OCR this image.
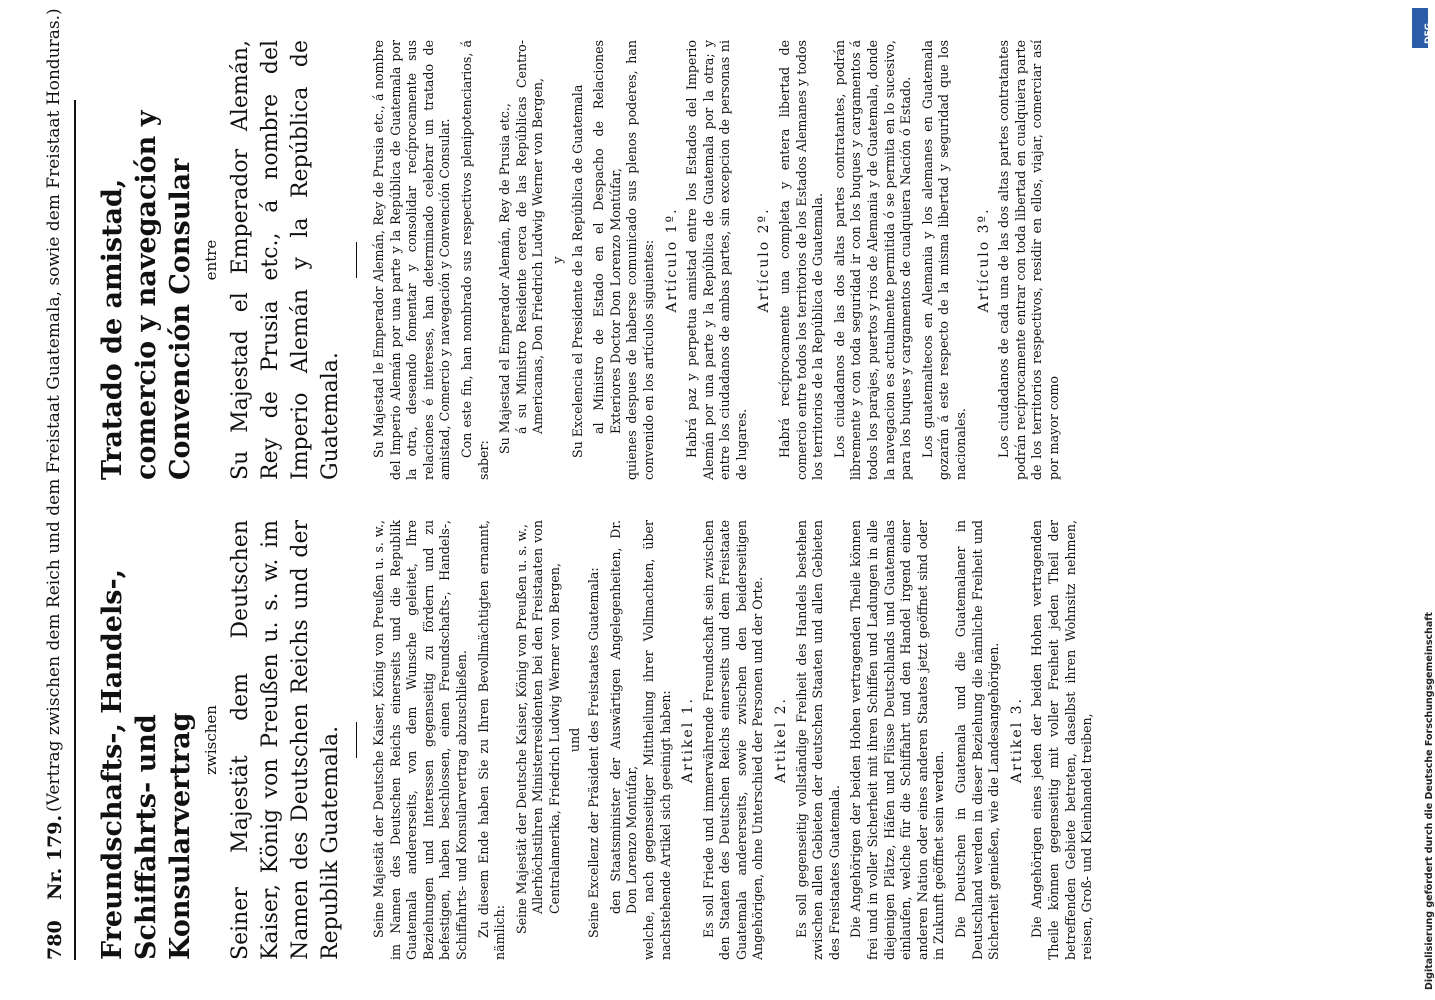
780
Nr. 179.
(Vertrag zwischen dem Reich und dem Freistaat Guatemala, sowie dem Freistaat Honduras.) Freundschafts-, Handels-, Schiffahrts- und Konsularvertrag zwischen Seiner Majestät dem Deutschen Kaiser, König von Preußen u. s. w. im Namen des Deutschen Reichs und der Republik Guatemala. Seine Majestät der Deutsche Kaiser, König von Preußen u. s. w., im Namen des Deutschen Reichs einerseits und die Republik Guatemala andererseits, von dem Wunsche geleitet, Ihre Beziehungen und Interessen gegenseitig zu fördern und zu befestigen, haben beschlossen, einen Freundschafts-, Handels-, Schiffahrts- und Konsularvertrag abzuschließen. Zu diesem Ende haben Sie zu Ihren Bevollmächtigten ernannt, nämlich: Seine Majestät der Deutsche Kaiser, König von Preußen u. s. w., Allerhöchstihren Ministerresidenten bei den Freistaaten von Centralamerika, Friedrich Ludwig Werner von Bergen, und Seine Excellenz der Präsident des Freistaates Guatemala: den Staatsminister der Auswärtigen Angelegenheiten, Dr. Don Lorenzo Montúfar, welche, nach gegenseitiger Mittheilung ihrer Vollmachten, über nachstehende Artikel sich geeinigt haben: Artikel 1. Es soll Friede und immerwährende Freundschaft sein zwischen den Staaten des Deutschen Reichs einerseits und dem Freistaate Guatemala andererseits, sowie zwischen den beiderseitigen Angehörigen, ohne Unterschied der Personen und der Orte. Artikel 2. Es soll gegenseitig vollständige Freiheit des Handels bestehen zwischen allen Gebieten der deutschen Staaten und allen Gebieten des Freistaates Guatemala. Die Angehörigen der beiden Hohen vertragenden Theile können frei und in voller Sicherheit mit ihren Schiffen und Ladungen in alle diejenigen Plätze, Häfen und Flüsse Deutschlands und Guatemalas einlaufen, welche für die Schiffahrt und den Handel irgend einer anderen Nation oder eines anderen Staates jetzt geöffnet sind oder in Zukunft geöffnet sein werden. Die Deutschen in Guatemala und die Guatemalaner in Deutschland werden in dieser Beziehung die nämliche Freiheit und Sicherheit genießen, wie die Landesangehörigen. Artikel 3. Die Angehörigen eines jeden der beiden Hohen vertragenden Theile können gegenseitig mit voller Freiheit jeden Theil der betreffenden Gebiete betreten, daselbst ihren Wohnsitz nehmen, reisen, Groß- und Kleinhandel treiben,

Tratado de amistad, comercio y navegación y Convención Consular entre Su Majestad el Emperador Alemán, Rey de Prusia etc., á nombre del Imperio Alemán y la República de Guatemala. Su Majestad le Emperador Alemán, Rey de Prusia etc., á nombre del Imperio Alemán por una parte y la República de Guatemala por la otra, deseando fomentar y consolidar recíprocamente sus relaciones é intereses, han determinado celebrar un tratado de amistad, Comercio y navegación y Convención Consular. Con este fin, han nombrado sus respectivos plenipotenciarios, á saber:

Su Majestad el Emperador Alemán, Rey de Prusia etc., á su Ministro Residente cerca de las Repúblicas Centro-Americanas, Don Friedrich Ludwig Werner von Bergen, y Su Excelencia el Presidente de la República de Guatemala al Ministro de Estado en el Despacho de Relaciones Exteriores Doctor Don Lorenzo Montúfar, quienes despues de haberse comunicado sus plenos poderes, han convenido en los artículos siguientes: Artículo 1º. Habrá paz y perpetua amistad entre los Estados del Imperio Alemán por una parte y la República de Guatemala por la otra; y entre los ciudadanos de ambas partes, sin excepcion de personas ni de lugares.

Artículo 2º. Habrá recíprocamente una completa y entera libertad de comercio entre todos los territorios de los Estados Alemanes y todos los territorios de la República de Guatemala. Los ciudadanos de las dos altas partes contratantes, podrán libremente y con toda seguridad ir con los buques y cargamentos á todos los parajes, puertos y rios de Alemania y de Guatemala, donde la navegacion es actualmente permitida ó se permita en lo sucesivo, para los buques y cargamentos de cualquiera Nación ó Estado. Los guatemaltecos en Alemania y los alemanes en Guatemala gozarán á este respecto de la misma libertad y seguridad que los nacionales.

Artículo 3º. Los ciudadanos de cada una de las dos altas partes contratantes podrán recíprocamente entrar con toda libertad en cualquiera parte de los territorios respectivos, residir en ellos, viajar, comerciar así por mayor como

DFG
Digitalisierung gefördert durch die Deutsche Forschungsgemeinschaft
